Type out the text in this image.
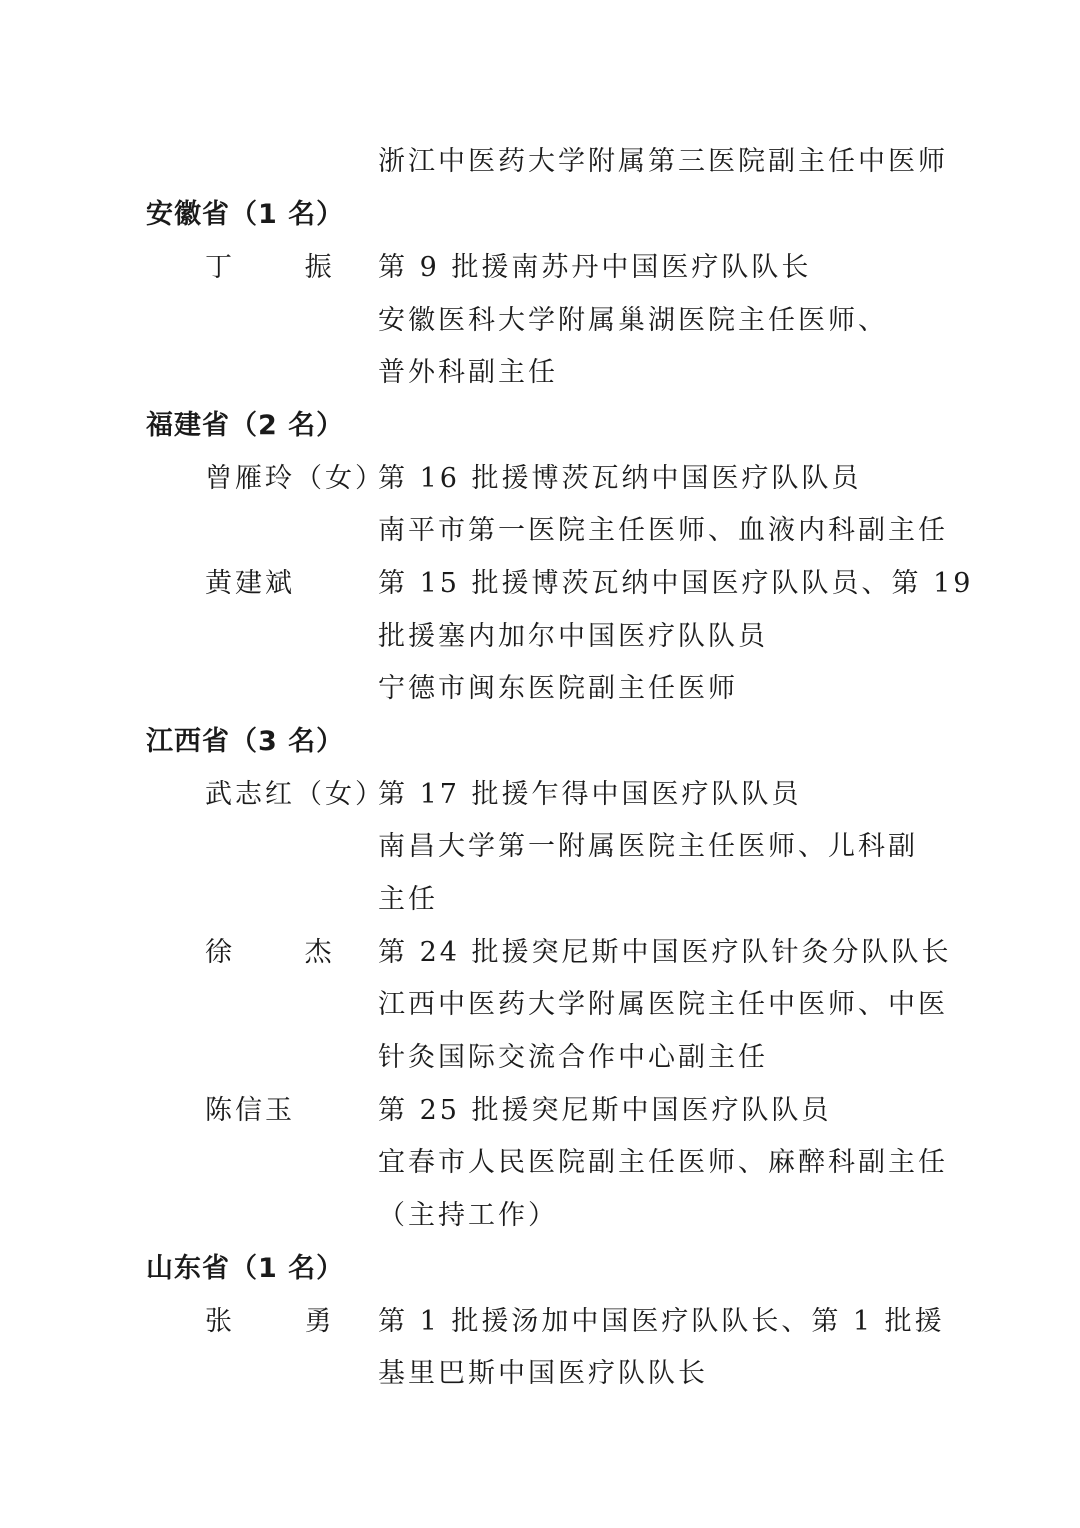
浙江中医药大学附属第三医院副主任中医师
安徽省（1 名）
丁 振 第 9 批援南苏丹中国医疗队队长
安徽医科大学附属巢湖医院主任医师、
普外科副主任
福建省（2 名）
曾雁玲（女）
第 16 批援博茨瓦纳中国医疗队队员
南平市第一医院主任医师、血液内科副主任
黄建斌	第 15 批援博茨瓦纳中国医疗队队员、第 19
批援塞内加尔中国医疗队队员
宁德市闽东医院副主任医师
江西省（3 名）
武志红（女）
第 17 批援乍得中国医疗队队员
南昌大学第一附属医院主任医师、儿科副
主任
徐 杰 第 24 批援突尼斯中国医疗队针灸分队队长
江西中医药大学附属医院主任中医师、中医
针灸国际交流合作中心副主任
陈信玉	第 25 批援突尼斯中国医疗队队员
宜春市人民医院副主任医师、麻醉科副主任
（主持工作）
山东省（1 名）
张 勇 第 1 批援汤加中国医疗队队长、第 1 批援
基里巴斯中国医疗队队长
